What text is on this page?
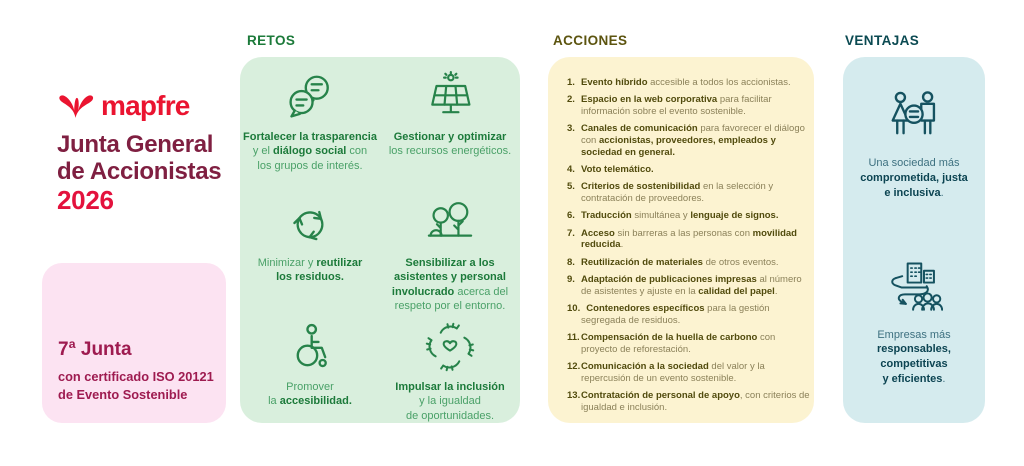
mapfre
Junta General
de Accionistas
2026
7ª Junta
con certificado ISO 20121
de Evento Sostenible
RETOS	ACCIONES	VENTAJAS
Fortalecer la trasparencia
y el diálogo social con
los grupos de interés.
Gestionar y optimizar
los recursos energéticos.
Minimizar y reutilizar
los residuos.
Sensibilizar a los
asistentes y personal
involucrado acerca del
respeto por el entorno.
Promover
la accesibilidad.
Impulsar la inclusión
y la igualdad
de oportunidades.
1. Evento híbrido accesible a todos los accionistas.
2. Espacio en la web corporativa para facilitar información sobre el evento sostenible.
3. Canales de comunicación para favorecer el diálogo con accionistas, proveedores, empleados y sociedad en general.
4. Voto telemático.
5. Criterios de sostenibilidad en la selección y contratación de proveedores.
6. Traducción simultánea y lenguaje de signos.
7. Acceso sin barreras a las personas con movilidad reducida.
8. Reutilización de materiales de otros eventos.
9. Adaptación de publicaciones impresas al número de asistentes y ajuste en la calidad del papel.
10. Contenedores específicos para la gestión segregada de residuos.
11. Compensación de la huella de carbono con proyecto de reforestación.
12. Comunicación a la sociedad del valor y la repercusión de un evento sostenible.
13. Contratación de personal de apoyo, con criterios de igualdad e inclusión.
Una sociedad más
comprometida, justa
e inclusiva.
Empresas más
responsables,
competitivas
y eficientes.
